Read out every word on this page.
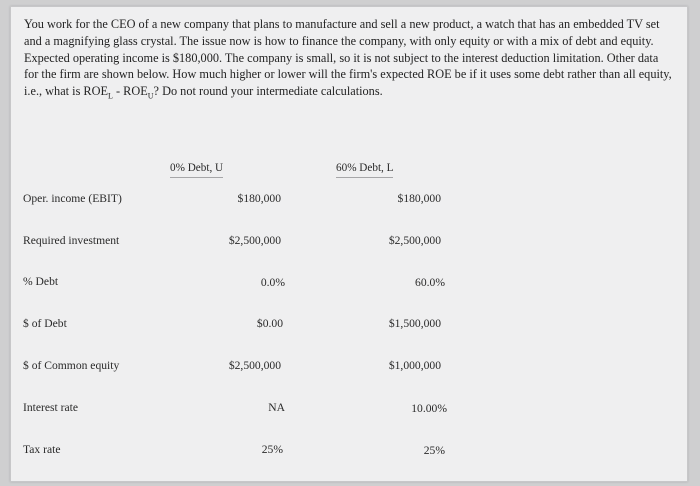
You work for the CEO of a new company that plans to manufacture and sell a new product, a watch that has an embedded TV set and a magnifying glass crystal. The issue now is how to finance the company, with only equity or with a mix of debt and equity. Expected operating income is $180,000. The company is small, so it is not subject to the interest deduction limitation. Other data for the firm are shown below. How much higher or lower will the firm's expected ROE be if it uses some debt rather than all equity, i.e., what is $ROE_L - ROE_U$? Do not round your intermediate calculations.

0% Debt, U	60% Debt, L
Oper. income (EBIT)	$180,000	$180,000
Required investment	$2,500,000	$2,500,000
% Debt	0.0%	60.0%
$ of Debt	$0.00	$1,500,000
$ of Common equity	$2,500,000	$1,000,000
Interest rate	NA	10.00%
Tax rate	25%	25%
